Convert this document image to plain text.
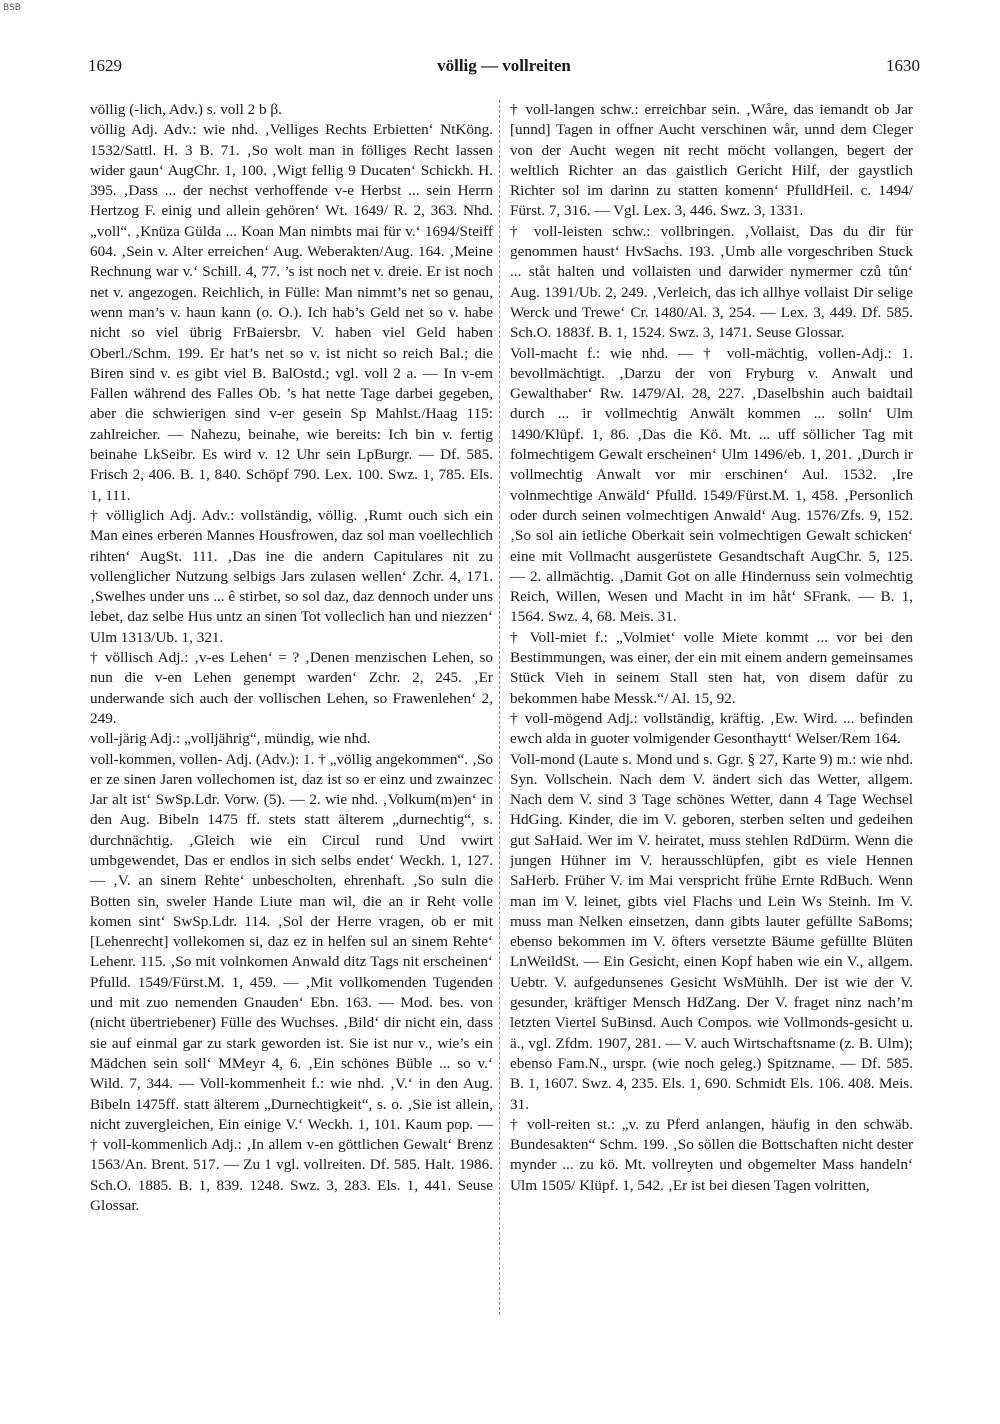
BSB
1629	völlig — vollreiten	1630

völlig (-lich, Adv.) s. voll 2 b β.

völlig Adj. Adv.: wie nhd. ‚Velliges Rechts Erbietten‘ NtKöng. 1532/Sattl. H. 3 B. 71. ‚So wolt man in fölliges Recht lassen wider gaun‘ AugChr. 1, 100. ‚Wigt fellig 9 Ducaten‘ Schickh. H. 395. ‚Dass ... der nechst verhoffende v-e Herbst ... sein Herrn Hertzog F. einig und allein gehören‘ Wt. 1649/ R. 2, 363. Nhd. „voll“. ‚Knüza Gülda ... Koan Man nimbts mai für v.‘ 1694/Steiff 604. ‚Sein v. Alter erreichen‘ Aug. Weberakten/Aug. 164. ‚Meine Rechnung war v.‘ Schill. 4, 77. ’s ist noch net v. dreie. Er ist noch net v. angezogen. Reichlich, in Fülle: Man nimmt’s net so genau, wenn man’s v. haun kann (o. O.). Ich hab’s Geld net so v. habe nicht so viel übrig FrBaiersbr. V. haben viel Geld haben Oberl./Schm. 199. Er hat’s net so v. ist nicht so reich Bal.; die Biren sind v. es gibt viel B. BalOstd.; vgl. voll 2 a. — In v-em Fallen während des Falles Ob. ’s hat nette Tage darbei gegeben, aber die schwierigen sind v-er gesein Sp Mahlst./Haag 115: zahlreicher. — Nahezu, beinahe, wie bereits: Ich bin v. fertig beinahe LkSeibr. Es wird v. 12 Uhr sein LpBurgr. — Df. 585. Frisch 2, 406. B. 1, 840. Schöpf 790. Lex. 100. Swz. 1, 785. Els. 1, 111.

† völliglich Adj. Adv.: vollständig, völlig. ‚Rumt ouch sich ein Man eines erberen Mannes Housfrowen, daz sol man voellechlich rihten‘ AugSt. 111. ‚Das ine die andern Capitulares nit zu vollenglicher Nutzung selbigs Jars zulasen wellen‘ Zchr. 4, 171. ‚Swelhes under uns ... ê stirbet, so sol daz, daz dennoch under uns lebet, daz selbe Hus untz an sinen Tot volleclich han und niezzen‘ Ulm 1313/Ub. 1, 321.

† völlisch Adj.: ‚v-es Lehen‘ = ? ‚Denen menzischen Lehen, so nun die v-en Lehen genempt warden‘ Zchr. 2, 245. ‚Er underwande sich auch der vollischen Lehen, so Frawenlehen‘ 2, 249.

voll-järig Adj.: „volljährig“, mündig, wie nhd.

voll-kommen, vollen- Adj. (Adv.): 1. † „völlig angekommen“. ‚So er ze sinen Jaren vollechomen ist, daz ist so er einz und zwainzec Jar alt ist‘ SwSp.Ldr. Vorw. (5). — 2. wie nhd. ‚Volkum(m)en‘ in den Aug. Bibeln 1475 ff. stets statt älterem „durnechtig“, s. durchnächtig. ‚Gleich wie ein Circul rund Und vwirt umbgewendet, Das er endlos in sich selbs endet‘ Weckh. 1, 127. — ‚V. an sinem Rehte‘ unbescholten, ehrenhaft. ‚So suln die Botten sin, sweler Hande Liute man wil, die an ir Reht volle komen sint‘ SwSp.Ldr. 114. ‚Sol der Herre vragen, ob er mit [Lehenrecht] vollekomen si, daz ez in helfen sul an sinem Rehte‘ Lehenr. 115. ‚So mit volnkomen Anwald ditz Tags nit erscheinen‘ Pfulld. 1549/Fürst.M. 1, 459. — ‚Mit vollkomenden Tugenden und mit zuo nemenden Gnauden‘ Ebn. 163. — Mod. bes. von (nicht übertriebener) Fülle des Wuchses. ‚Bild‘ dir nicht ein, dass sie auf einmal gar zu stark geworden ist. Sie ist nur v., wie’s ein Mädchen sein soll‘ MMeyr 4, 6. ‚Ein schönes Büble ... so v.‘ Wild. 7, 344. — Voll-kommenheit f.: wie nhd. ‚V.‘ in den Aug. Bibeln 1475ff. statt älterem „Durnechtigkeit“, s. o. ‚Sie ist allein, nicht zuvergleichen, Ein einige V.‘ Weckh. 1, 101. Kaum pop. — † voll-kommenlich Adj.: ‚In allem v-en göttlichen Gewalt‘ Brenz 1563/An. Brent. 517. — Zu 1 vgl. vollreiten. Df. 585. Halt. 1986. Sch.O. 1885. B. 1, 839. 1248. Swz. 3, 283. Els. 1, 441. Seuse Glossar.

† voll-langen schw.: erreichbar sein. ‚Wåre, das iemandt ob Jar [unnd] Tagen in offner Aucht verschinen wår, unnd dem Cleger von der Aucht wegen nit recht möcht vollangen, begert der weltlich Richter an das gaistlich Gericht Hilf, der gaystlich Richter sol im darinn zu statten komenn‘ PfulldHeil. c. 1494/ Fürst. 7, 316. — Vgl. Lex. 3, 446. Swz. 3, 1331.

† voll-leisten schw.: vollbringen. ‚Vollaist, Das du dir für genommen haust‘ HvSachs. 193. ‚Umb alle vorgeschriben Stuck ... ståt halten und vollaisten und darwider nymermer czů tůn‘ Aug. 1391/Ub. 2, 249. ‚Verleich, das ich allhye vollaist Dir selige Werck und Trewe‘ Cr. 1480/Al. 3, 254. — Lex. 3, 449. Df. 585. Sch.O. 1883f. B. 1, 1524. Swz. 3, 1471. Seuse Glossar.

Voll-macht f.: wie nhd. — † voll-mächtig, vollen-Adj.: 1. bevollmächtigt. ‚Darzu der von Fryburg v. Anwalt und Gewalthaber‘ Rw. 1479/Al. 28, 227. ‚Daselbshin auch baidtail durch ... ir vollmechtig Anwält kommen ... solln‘ Ulm 1490/Klüpf. 1, 86. ‚Das die Kö. Mt. ... uff söllicher Tag mit folmechtigem Gewalt erscheinen‘ Ulm 1496/eb. 1, 201. ‚Durch ir vollmechtig Anwalt vor mir erschinen‘ Aul. 1532. ‚Ire volnmechtige Anwäld‘ Pfulld. 1549/Fürst.M. 1, 458. ‚Personlich oder durch seinen volmechtigen Anwald‘ Aug. 1576/Zfs. 9, 152. ‚So sol ain ietliche Oberkait sein volmechtigen Gewalt schicken‘ eine mit Vollmacht ausgerüstete Gesandtschaft AugChr. 5, 125. — 2. allmächtig. ‚Damit Got on alle Hindernuss sein volmechtig Reich, Willen, Wesen und Macht in im håt‘ SFrank. — B. 1, 1564. Swz. 4, 68. Meis. 31.

† Voll-miet f.: „Volmiet‘ volle Miete kommt ... vor bei den Bestimmungen, was einer, der ein mit einem andern gemeinsames Stück Vieh in seinem Stall sten hat, von disem dafür zu bekommen habe Messk.“/ Al. 15, 92.

† voll-mögend Adj.: vollständig, kräftig. ‚Ew. Wird. ... befinden ewch alda in guoter volmigender Gesonthaytt‘ Welser/Rem 164.

Voll-mond (Laute s. Mond und s. Ggr. § 27, Karte 9) m.: wie nhd. Syn. Vollschein. Nach dem V. ändert sich das Wetter, allgem. Nach dem V. sind 3 Tage schönes Wetter, dann 4 Tage Wechsel HdGing. Kinder, die im V. geboren, sterben selten und gedeihen gut SaHaid. Wer im V. heiratet, muss stehlen RdDürm. Wenn die jungen Hühner im V. herausschlüpfen, gibt es viele Hennen SaHerb. Früher V. im Mai verspricht frühe Ernte RdBuch. Wenn man im V. leinet, gibts viel Flachs und Lein Ws Steinh. Im V. muss man Nelken einsetzen, dann gibts lauter gefüllte SaBoms; ebenso bekommen im V. öfters versetzte Bäume gefüllte Blüten LnWeildSt. — Ein Gesicht, einen Kopf haben wie ein V., allgem. Uebtr. V. aufgedunsenes Gesicht WsMühlh. Der ist wie der V. gesunder, kräftiger Mensch HdZang. Der V. fraget ninz nach’m letzten Viertel SuBinsd. Auch Compos. wie Vollmonds-gesicht u. ä., vgl. Zfdm. 1907, 281. — V. auch Wirtschaftsname (z. B. Ulm); ebenso Fam.N., urspr. (wie noch geleg.) Spitzname. — Df. 585. B. 1, 1607. Swz. 4, 235. Els. 1, 690. Schmidt Els. 106. 408. Meis. 31.

† voll-reiten st.: „v. zu Pferd anlangen, häufig in den schwäb. Bundesakten“ Schm. 199. ‚So söllen die Bottschaften nicht dester mynder ... zu kö. Mt. vollreyten und obgemelter Mass handeln‘ Ulm 1505/ Klüpf. 1, 542. ‚Er ist bei diesen Tagen volritten,
